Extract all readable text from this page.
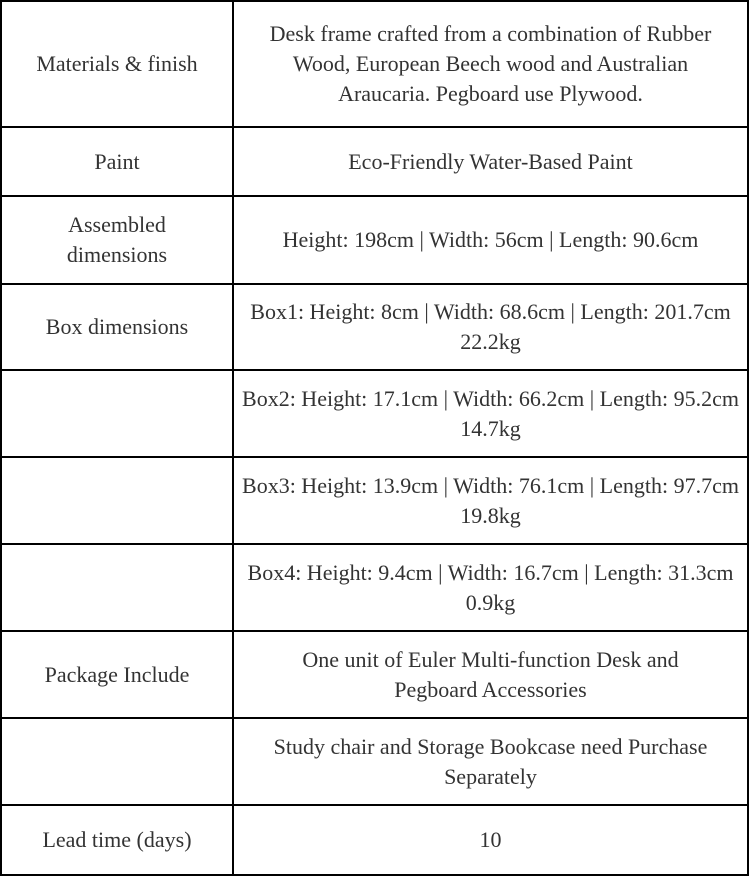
Materials & finish	Desk frame crafted from a combination of Rubber Wood, European Beech wood and Australian Araucaria. Pegboard use Plywood.
Paint	Eco-Friendly Water-Based Paint
Assembled dimensions	Height: 198cm | Width: 56cm | Length: 90.6cm
Box dimensions	Box1: Height: 8cm | Width: 68.6cm | Length: 201.7cm 22.2kg
	Box2: Height: 17.1cm | Width: 66.2cm | Length: 95.2cm 14.7kg
	Box3: Height: 13.9cm | Width: 76.1cm | Length: 97.7cm 19.8kg
	Box4: Height: 9.4cm | Width: 16.7cm | Length: 31.3cm 0.9kg
Package Include	One unit of Euler Multi-function Desk and Pegboard Accessories
	Study chair and Storage Bookcase need Purchase Separately
Lead time (days)	10
